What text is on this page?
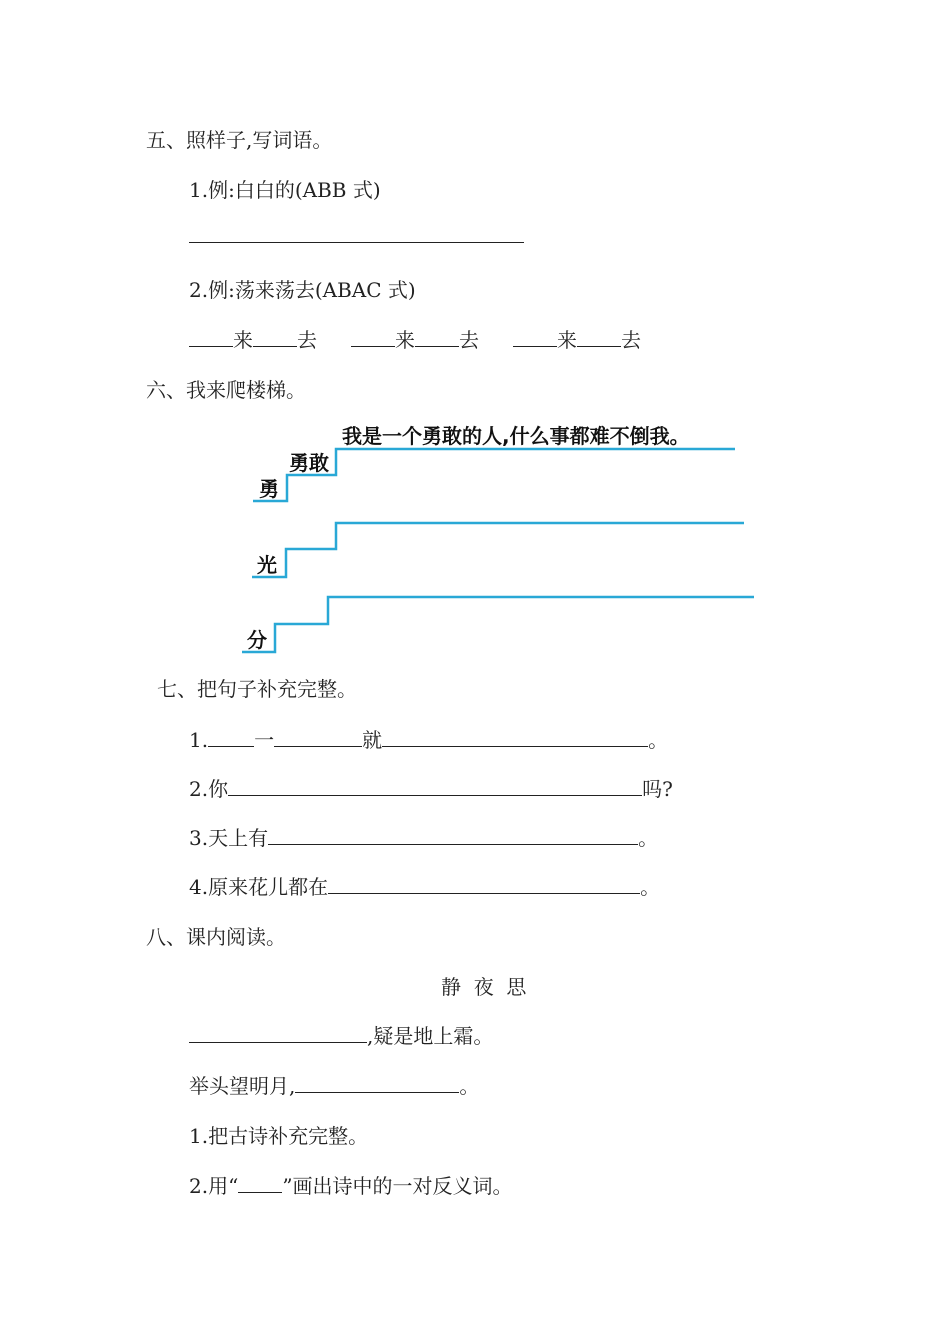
五、照样子,写词语。
1.例:白白的(ABB 式)
2.例:荡来荡去(ABAC 式)
来 去	来 去	来 去
六、我来爬楼梯。
我是一个勇敢的人,什么事都难不倒我。
勇敢
勇
光
分
七、把句子补充完整。
1. 一	就	。
2.你	吗?
3.天上有	。
4.原来花儿都在	。
八、课内阅读。
静  夜  思
,疑是地上霜。
举头望明月,	。
1.把古诗补充完整。
2.用“ ”画出诗中的一对反义词。
